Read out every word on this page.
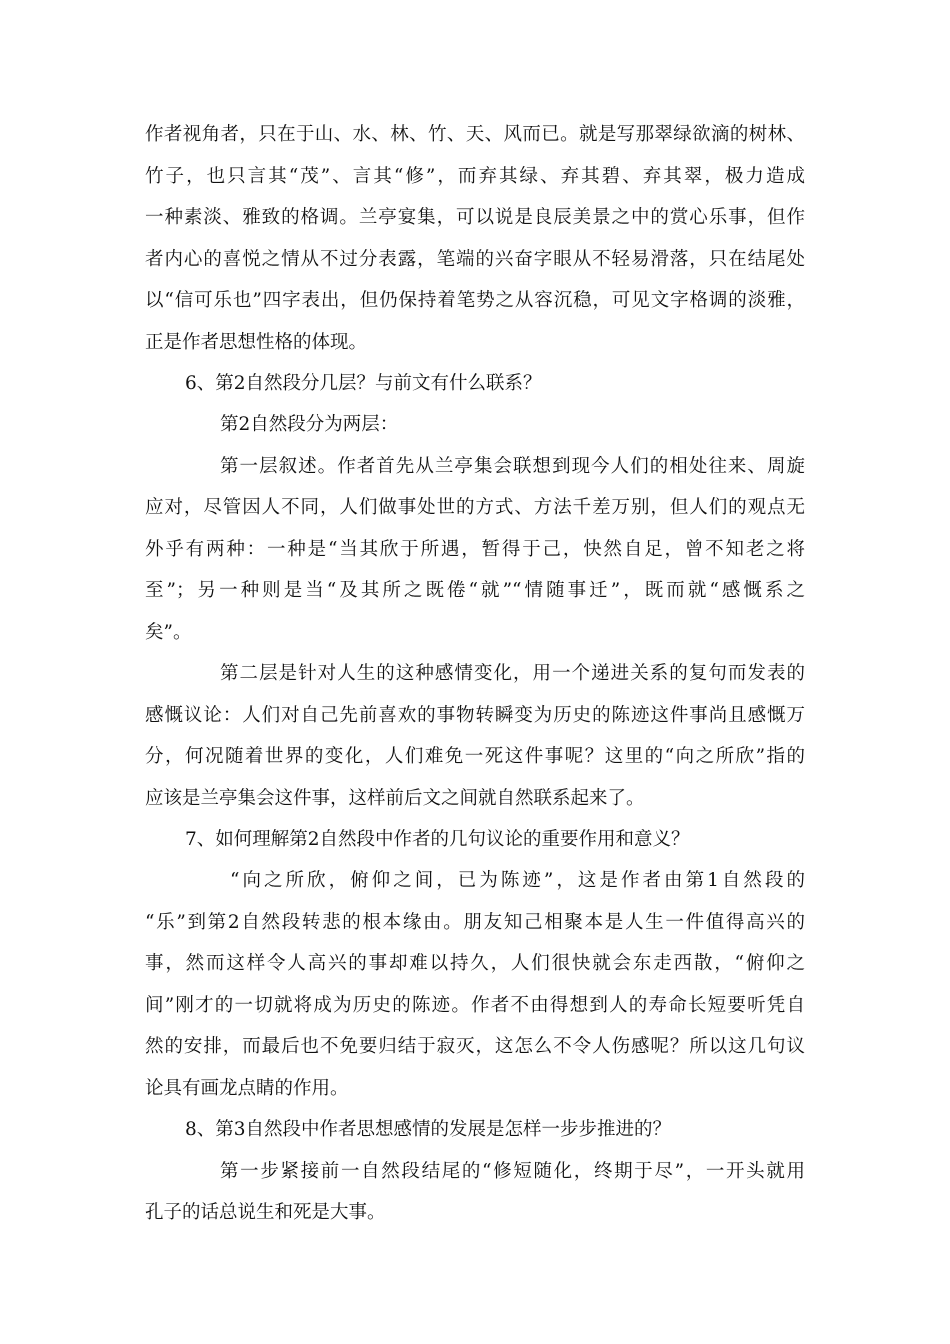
作者视角者，只在于山、水、林、竹、天、风而已。就是写那翠绿欲滴的树林、
竹子，也只言其“茂”、言其“修”，而弃其绿、弃其碧、弃其翠，极力造成
一种素淡、雅致的格调。兰亭宴集，可以说是良辰美景之中的赏心乐事，但作
者内心的喜悦之情从不过分表露，笔端的兴奋字眼从不轻易滑落，只在结尾处
以“信可乐也”四字表出，但仍保持着笔势之从容沉稳，可见文字格调的淡雅，
正是作者思想性格的体现。
6、第2自然段分几层？与前文有什么联系？
第2自然段分为两层：
第一层叙述。作者首先从兰亭集会联想到现今人们的相处往来、周旋
应对，尽管因人不同，人们做事处世的方式、方法千差万别，但人们的观点无
外乎有两种：一种是“当其欣于所遇，暂得于己，快然自足，曾不知老之将
至”；另一种则是当“及其所之既倦“就”“情随事迁”，既而就“感慨系之
矣”。
第二层是针对人生的这种感情变化，用一个递进关系的复句而发表的
感慨议论：人们对自己先前喜欢的事物转瞬变为历史的陈迹这件事尚且感慨万
分，何况随着世界的变化，人们难免一死这件事呢？这里的“向之所欣”指的
应该是兰亭集会这件事，这样前后文之间就自然联系起来了。
7、如何理解第2自然段中作者的几句议论的重要作用和意义？
“向之所欣，俯仰之间，已为陈迹”，这是作者由第1自然段的
“乐”到第2自然段转悲的根本缘由。朋友知己相聚本是人生一件值得高兴的
事，然而这样令人高兴的事却难以持久，人们很快就会东走西散，“俯仰之
间”刚才的一切就将成为历史的陈迹。作者不由得想到人的寿命长短要听凭自
然的安排，而最后也不免要归结于寂灭，这怎么不令人伤感呢？所以这几句议
论具有画龙点睛的作用。
8、第3自然段中作者思想感情的发展是怎样一步步推进的？
第一步紧接前一自然段结尾的“修短随化，终期于尽”，一开头就用
孔子的话总说生和死是大事。
